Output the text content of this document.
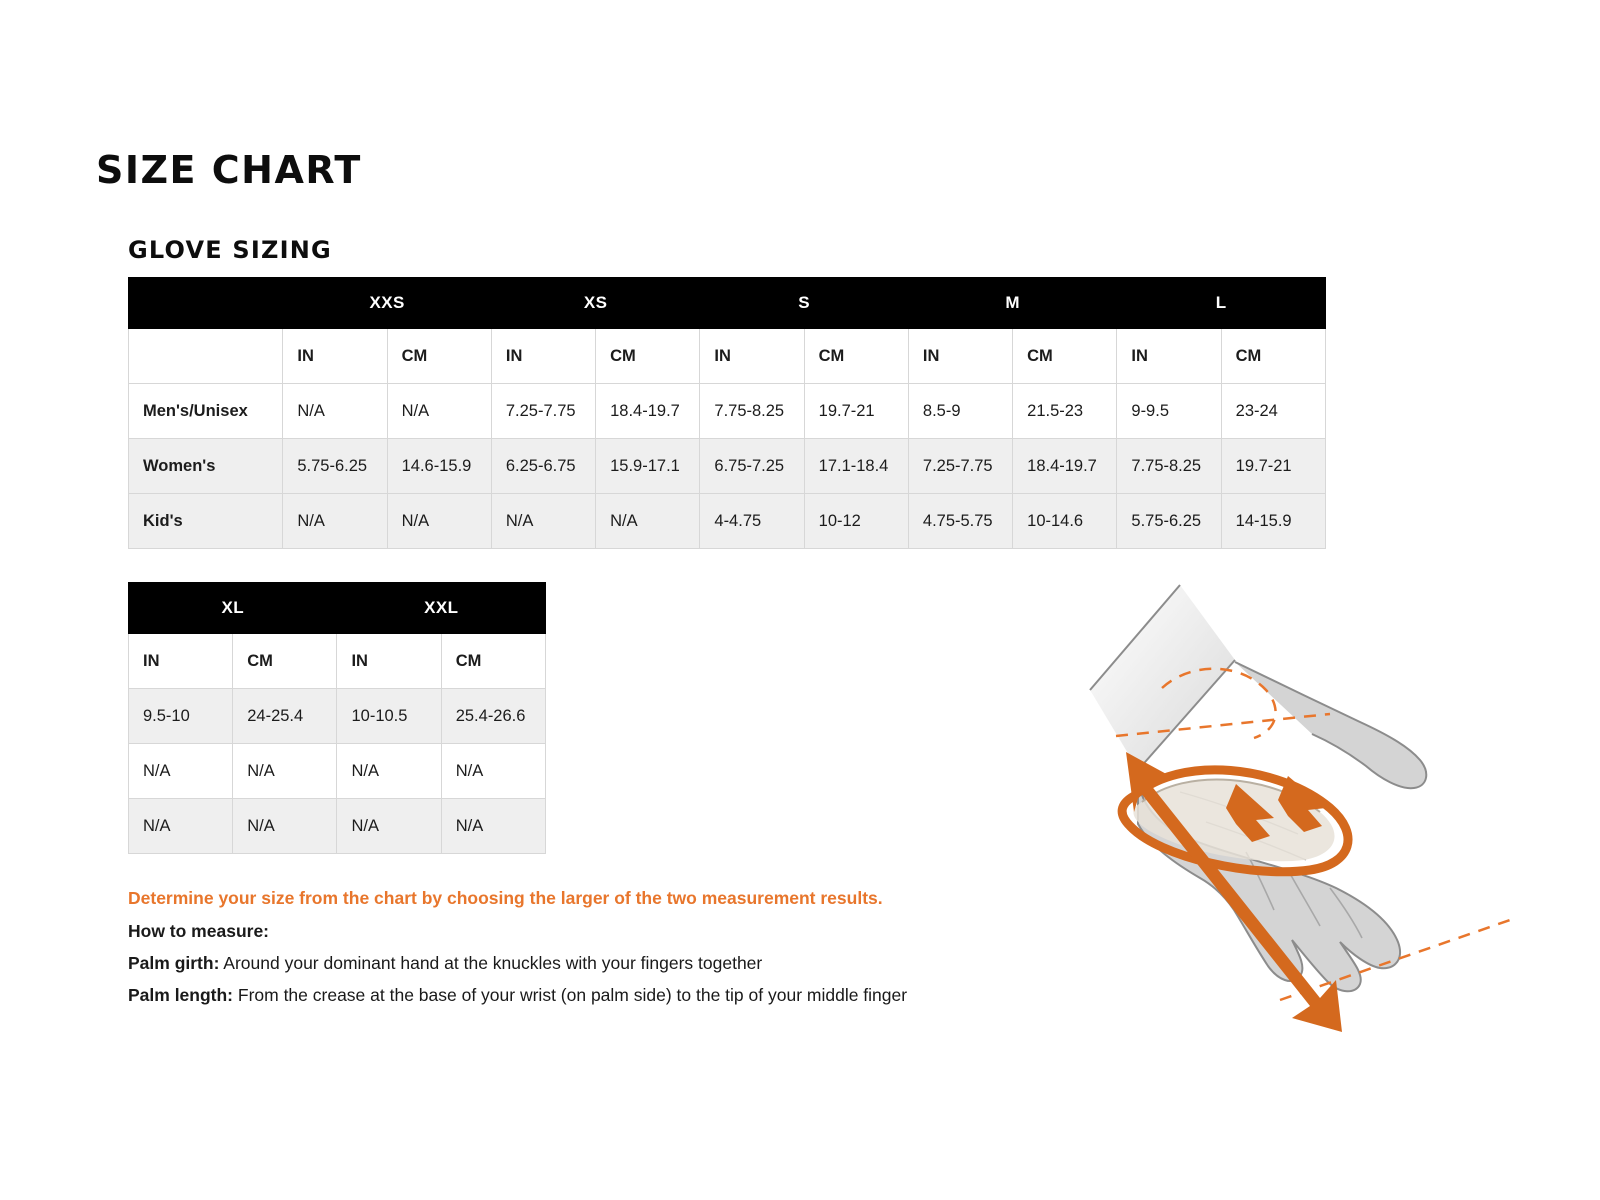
SIZE CHART
GLOVE SIZING
	XXS		XS		S		M		L	
	IN	CM	IN	CM	IN	CM	IN	CM	IN	CM
Men's/Unisex	N/A	N/A	7.25-7.75	18.4-19.7	7.75-8.25	19.7-21	8.5-9	21.5-23	9-9.5	23-24
Women's	5.75-6.25	14.6-15.9	6.25-6.75	15.9-17.1	6.75-7.25	17.1-18.4	7.25-7.75	18.4-19.7	7.75-8.25	19.7-21
Kid's	N/A	N/A	N/A	N/A	4-4.75	10-12	4.75-5.75	10-14.6	5.75-6.25	14-15.9
XL		XXL	
IN	CM	IN	CM
9.5-10	24-25.4	10-10.5	25.4-26.6
N/A	N/A	N/A	N/A
N/A	N/A	N/A	N/A
Determine your size from the chart by choosing the larger of the two measurement results.
How to measure:
Palm girth: Around your dominant hand at the knuckles with your fingers together
Palm length: From the crease at the base of your wrist (on palm side) to the tip of your middle finger
